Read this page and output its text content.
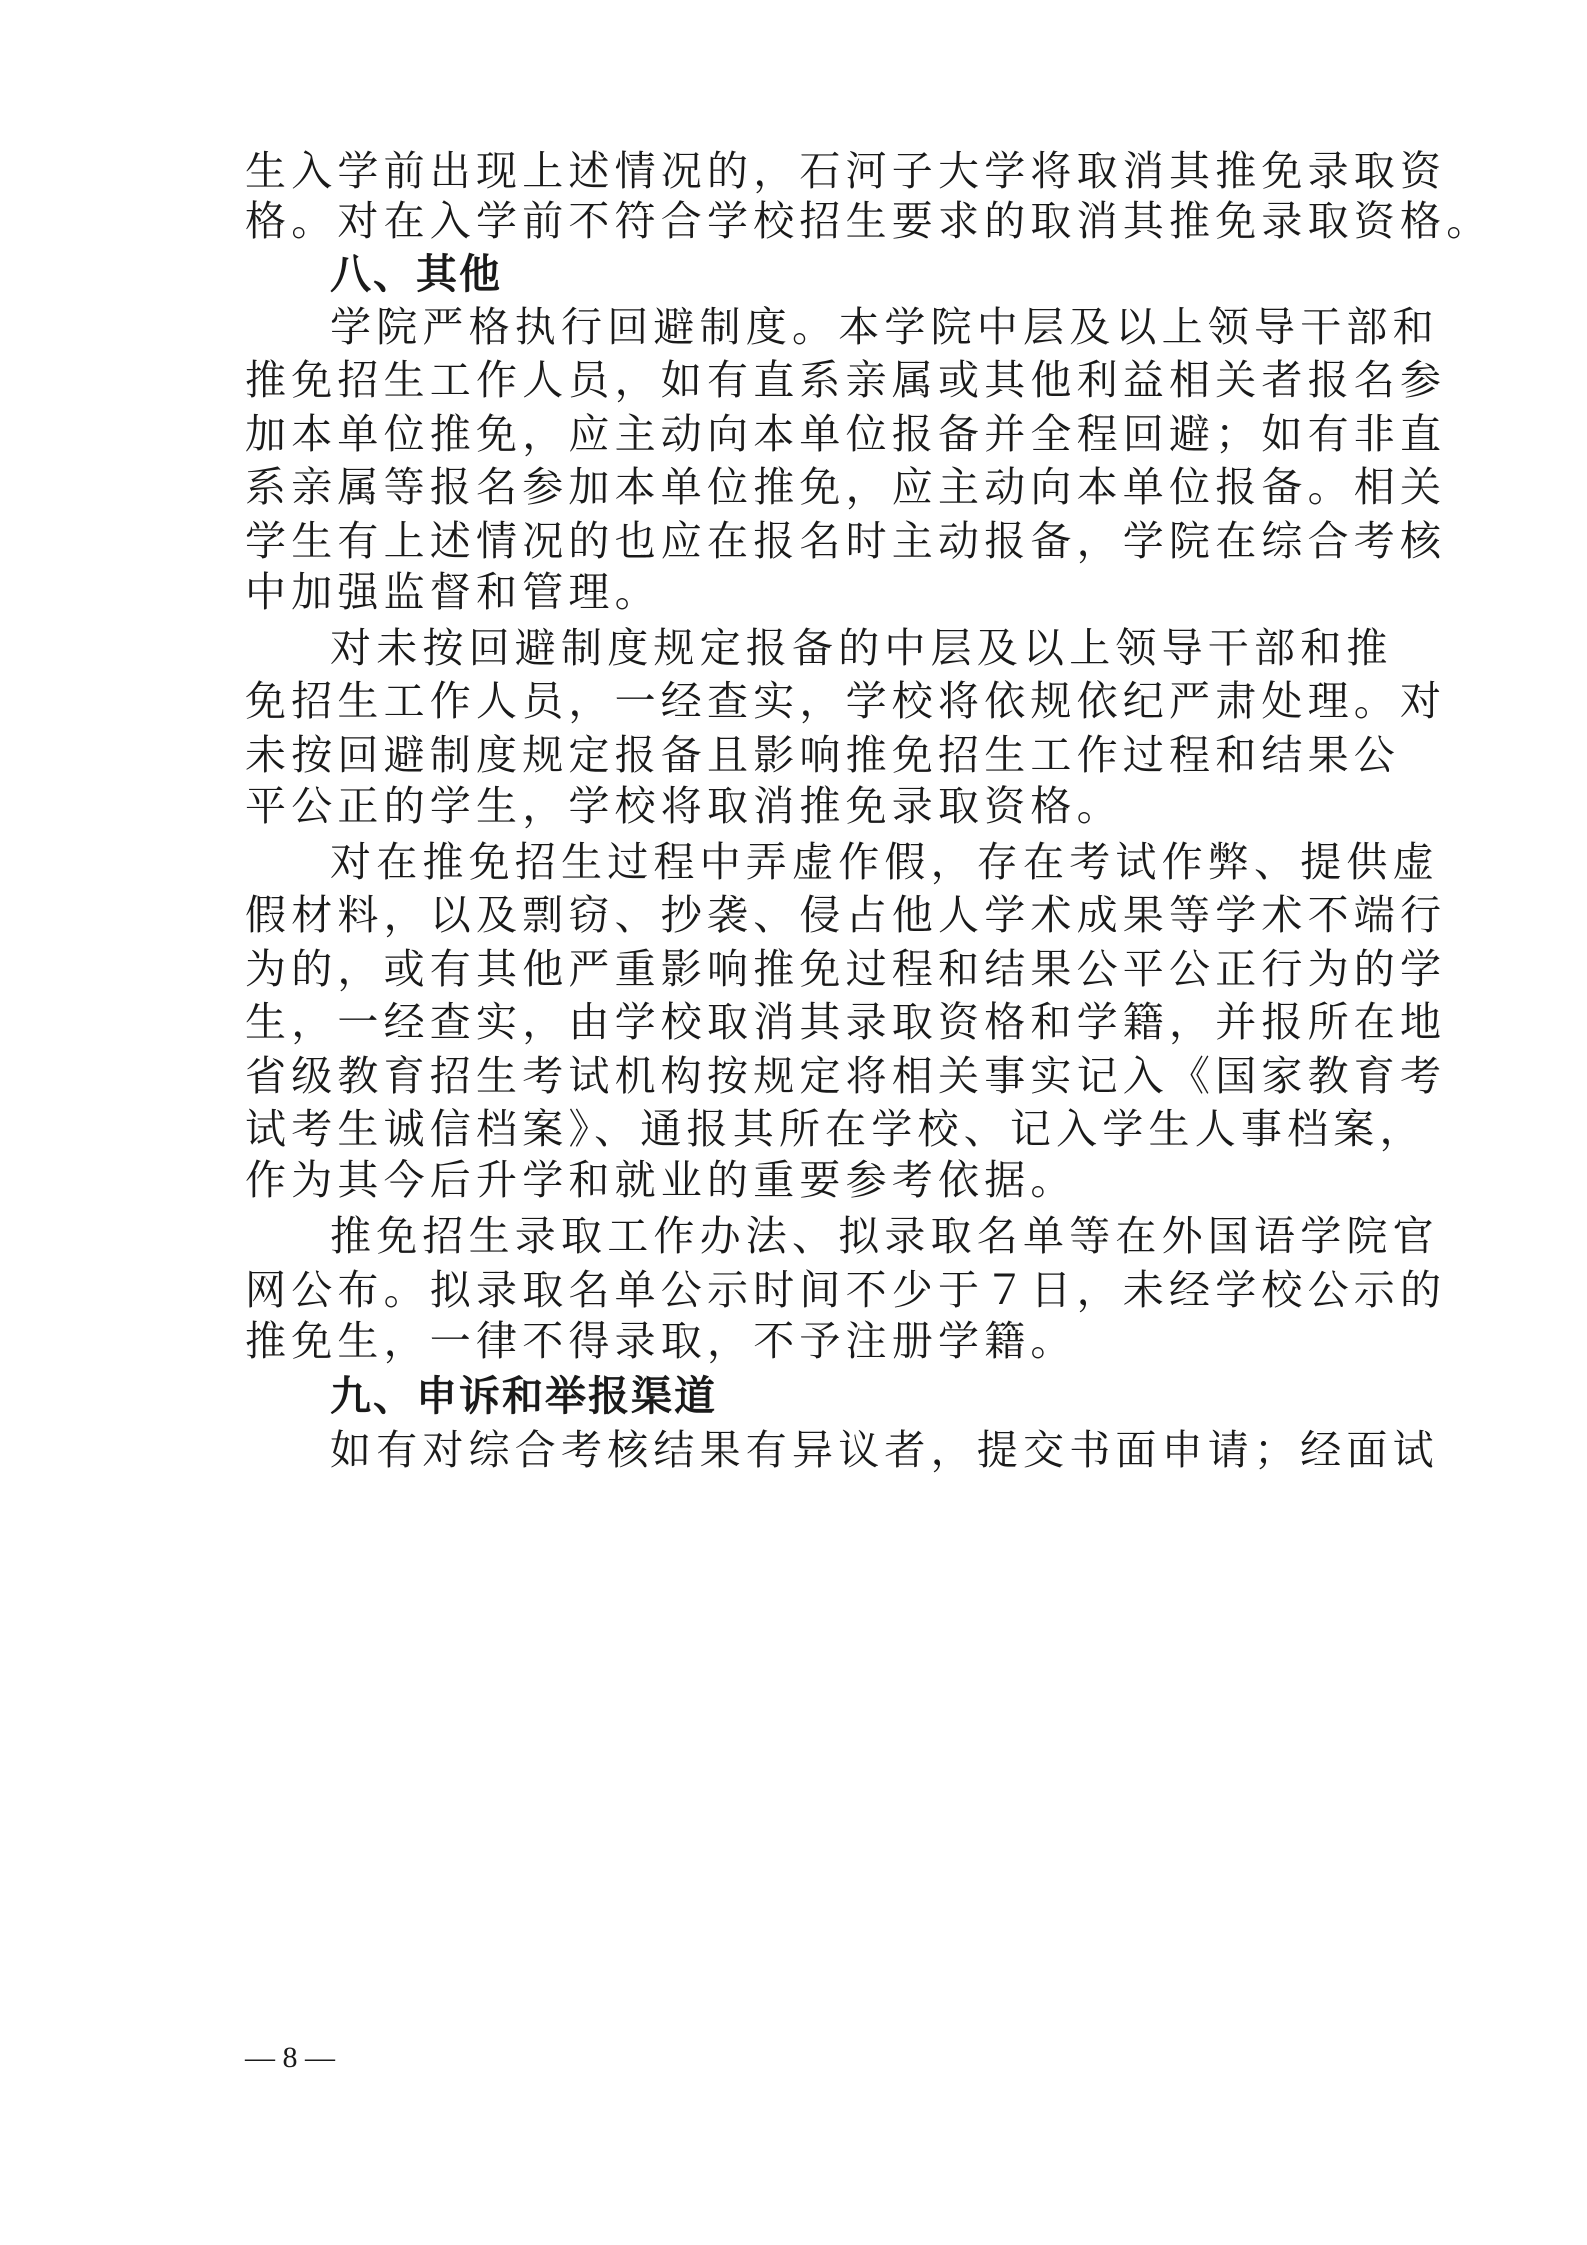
生入学前出现上述情况的，石河子大学将取消其推免录取资
格。对在入学前不符合学校招生要求的取消其推免录取资格。
八、其他
学院严格执行回避制度。本学院中层及以上领导干部和
推免招生工作人员，如有直系亲属或其他利益相关者报名参
加本单位推免，应主动向本单位报备并全程回避；如有非直
系亲属等报名参加本单位推免，应主动向本单位报备。相关
学生有上述情况的也应在报名时主动报备，学院在综合考核
中加强监督和管理。
对未按回避制度规定报备的中层及以上领导干部和推
免招生工作人员，一经查实，学校将依规依纪严肃处理。对
未按回避制度规定报备且影响推免招生工作过程和结果公
平公正的学生，学校将取消推免录取资格。
对在推免招生过程中弄虚作假，存在考试作弊、提供虚
假材料，以及剽窃、抄袭、侵占他人学术成果等学术不端行
为的，或有其他严重影响推免过程和结果公平公正行为的学
生，一经查实，由学校取消其录取资格和学籍，并报所在地
省级教育招生考试机构按规定将相关事实记入《国家教育考
试考生诚信档案》、通报其所在学校、记入学生人事档案，
作为其今后升学和就业的重要参考依据。
推免招生录取工作办法、拟录取名单等在外国语学院官
网公布。拟录取名单公示时间不少于７日，未经学校公示的
推免生，一律不得录取，不予注册学籍。
九、申诉和举报渠道
如有对综合考核结果有异议者，提交书面申请；经面试
— 8 —
